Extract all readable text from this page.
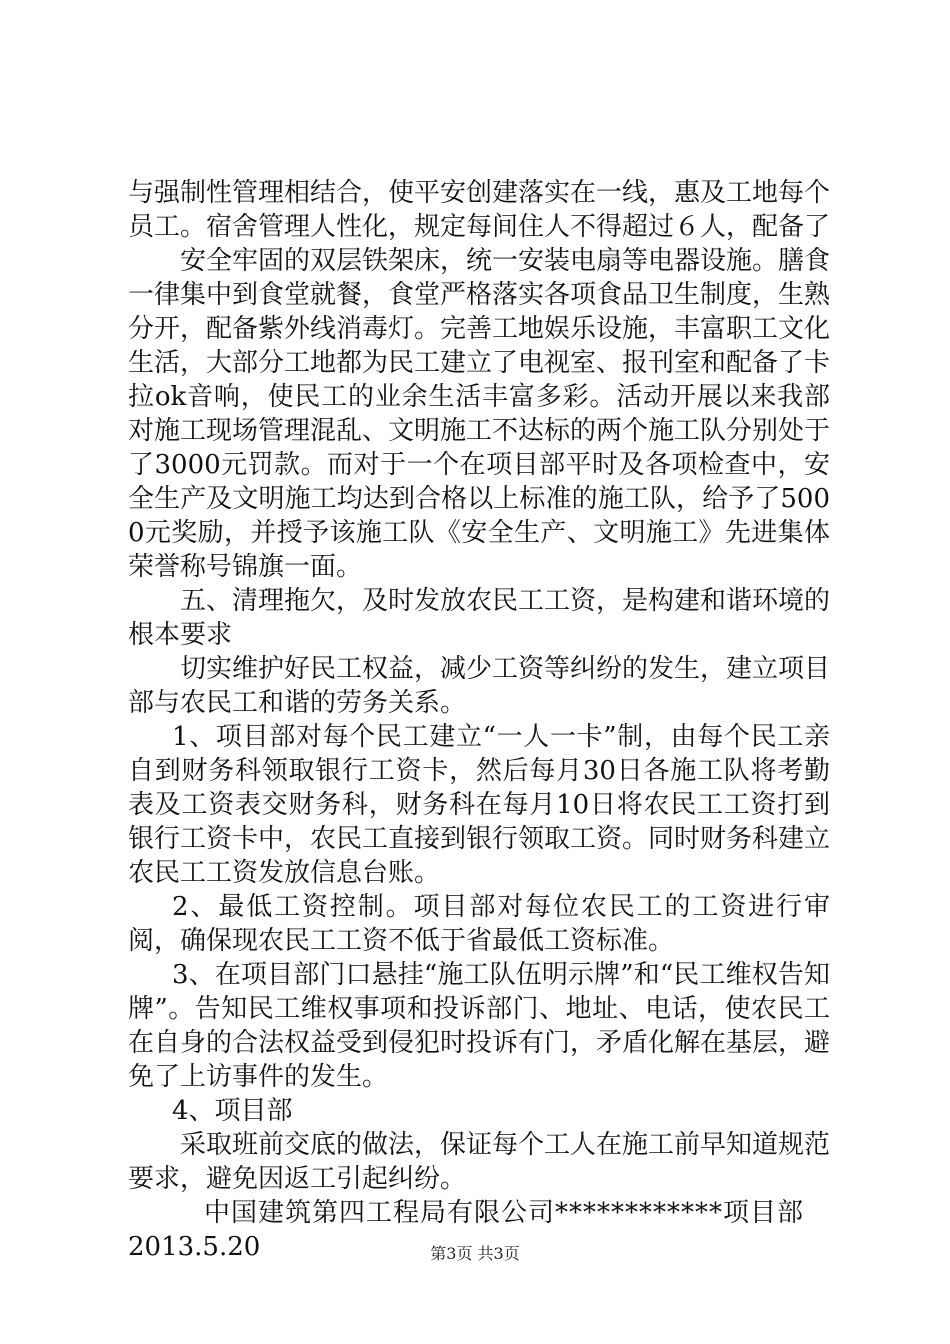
与强制性管理相结合，使平安创建落实在一线，惠及工地每个员工。宿舍管理人性化，规定每间住人不得超过６人，配备了

安全牢固的双层铁架床，统一安装电扇等电器设施。膳食一律集中到食堂就餐，食堂严格落实各项食品卫生制度，生熟分开，配备紫外线消毒灯。完善工地娱乐设施，丰富职工文化生活，大部分工地都为民工建立了电视室、报刊室和配备了卡拉ok音响，使民工的业余生活丰富多彩。活动开展以来我部对施工现场管理混乱、文明施工不达标的两个施工队分别处于了3000元罚款。而对于一个在项目部平时及各项检查中，安全生产及文明施工均达到合格以上标准的施工队，给予了5000元奖励，并授予该施工队《安全生产、文明施工》先进集体荣誉称号锦旗一面。

五、清理拖欠，及时发放农民工工资，是构建和谐环境的根本要求

切实维护好民工权益，减少工资等纠纷的发生，建立项目部与农民工和谐的劳务关系。

1、项目部对每个民工建立“一人一卡”制，由每个民工亲自到财务科领取银行工资卡，然后每月30日各施工队将考勤表及工资表交财务科，财务科在每月10日将农民工工资打到银行工资卡中，农民工直接到银行领取工资。同时财务科建立农民工工资发放信息台账。

2、最低工资控制。项目部对每位农民工的工资进行审阅，确保现农民工工资不低于省最低工资标准。

3、在项目部门口悬挂“施工队伍明示牌”和“民工维权告知牌”。告知民工维权事项和投诉部门、地址、电话，使农民工在自身的合法权益受到侵犯时投诉有门，矛盾化解在基层，避免了上访事件的发生。

4、项目部

采取班前交底的做法，保证每个工人在施工前早知道规范要求，避免因返工引起纠纷。

中国建筑第四工程局有限公司************项目部

2013.5.20	第3页 共3页
